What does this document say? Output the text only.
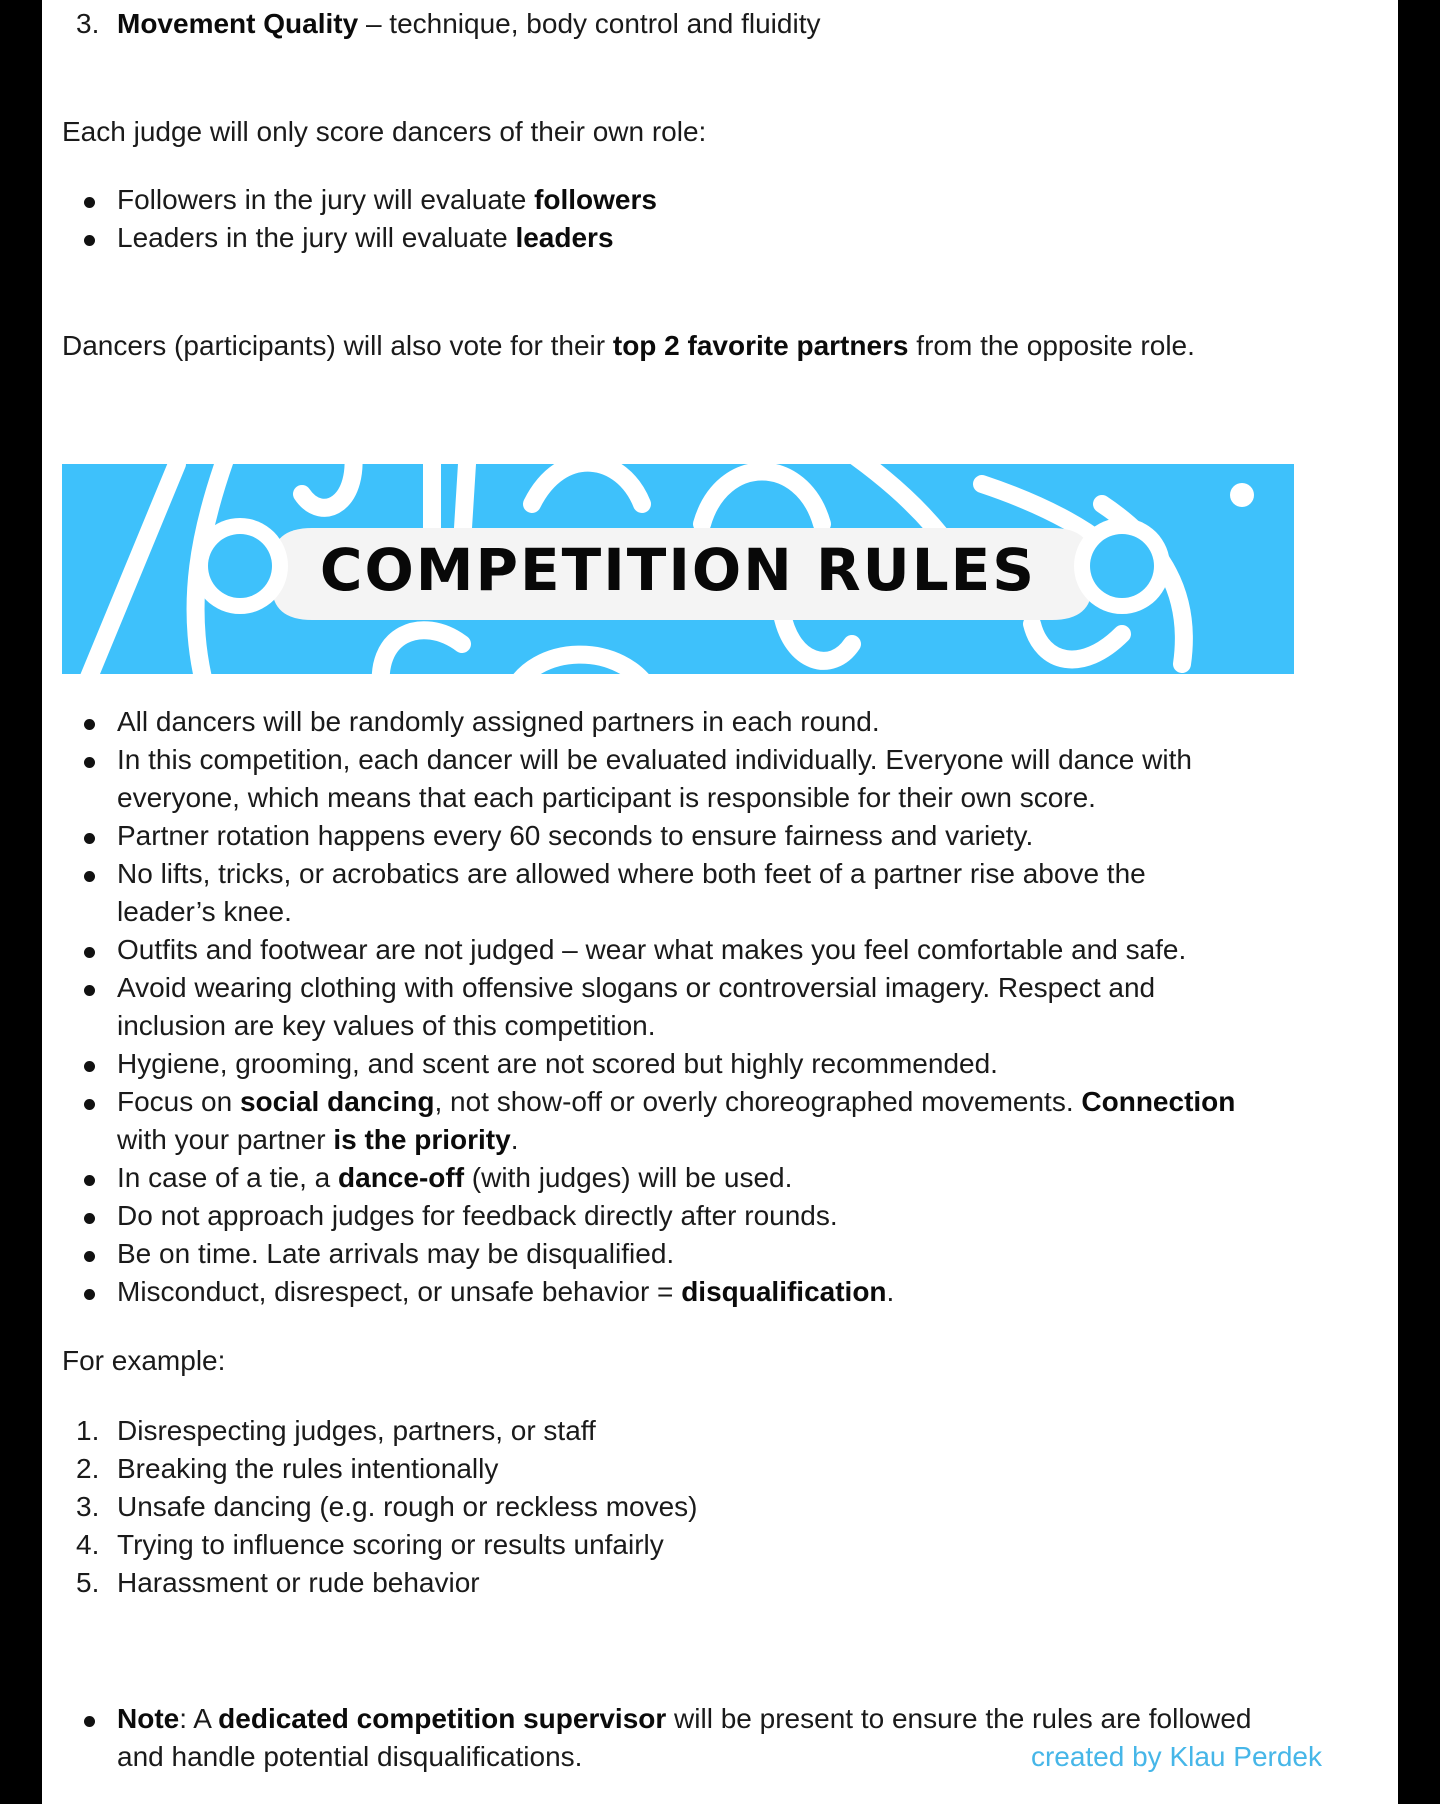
3. Movement Quality – technique, body control and fluidity

Each judge will only score dancers of their own role:

Followers in the jury will evaluate followers
Leaders in the jury will evaluate leaders

Dancers (participants) will also vote for their top 2 favorite partners from the opposite role.

COMPETITION RULES
All dancers will be randomly assigned partners in each round.
In this competition, each dancer will be evaluated individually. Everyone will dance with
everyone, which means that each participant is responsible for their own score.
Partner rotation happens every 60 seconds to ensure fairness and variety.
No lifts, tricks, or acrobatics are allowed where both feet of a partner rise above the
leader’s knee.
Outfits and footwear are not judged – wear what makes you feel comfortable and safe.
Avoid wearing clothing with offensive slogans or controversial imagery. Respect and
inclusion are key values of this competition.
Hygiene, grooming, and scent are not scored but highly recommended.
Focus on social dancing, not show-off or overly choreographed movements. Connection
with your partner is the priority.
In case of a tie, a dance-off (with judges) will be used.
Do not approach judges for feedback directly after rounds.
Be on time. Late arrivals may be disqualified.
Misconduct, disrespect, or unsafe behavior = disqualification.

For example:

1. Disrespecting judges, partners, or staff
2. Breaking the rules intentionally
3. Unsafe dancing (e.g. rough or reckless moves)
4. Trying to influence scoring or results unfairly
5. Harassment or rude behavior
Note: A dedicated competition supervisor will be present to ensure the rules are followed
and handle potential disqualifications.	created by Klau Perdek
